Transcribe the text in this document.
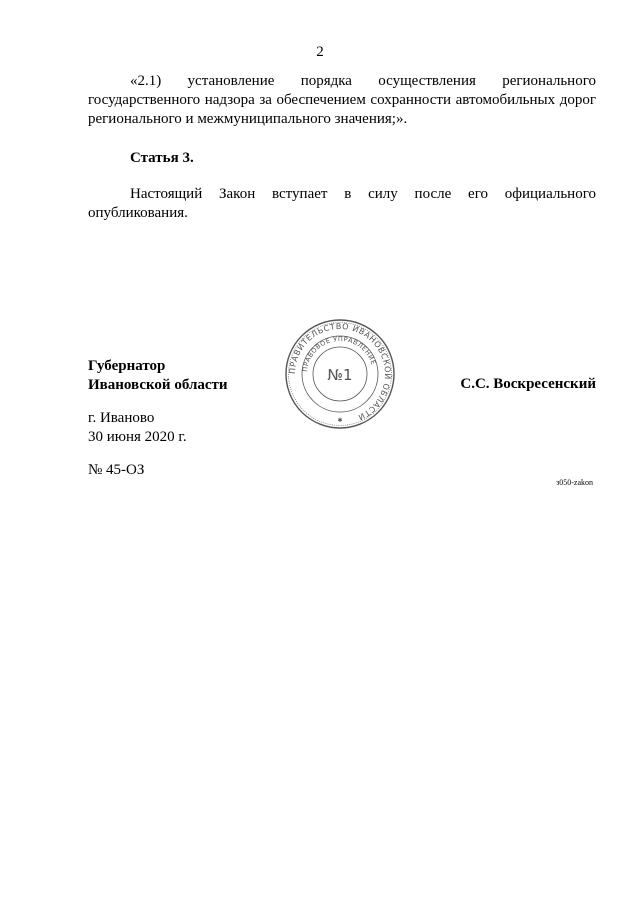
2

«2.1) установление порядка осуществления регионального государственного надзора за обеспечением сохранности автомобильных дорог регионального и межмуниципального значения;».

Статья 3.

Настоящий Закон вступает в силу после его официального опубликования.

Губернатор
Ивановской области	С.С. Воскресенский
ПРАВИТЕЛЬСТВО ИВАНОВСКОЙ ОБЛАСТИ
ПРАВОВОЕ УПРАВЛЕНИЕ
№1
✱
г. Иваново
30 июня 2020 г.
№ 45-ОЗ
з050-zakon
